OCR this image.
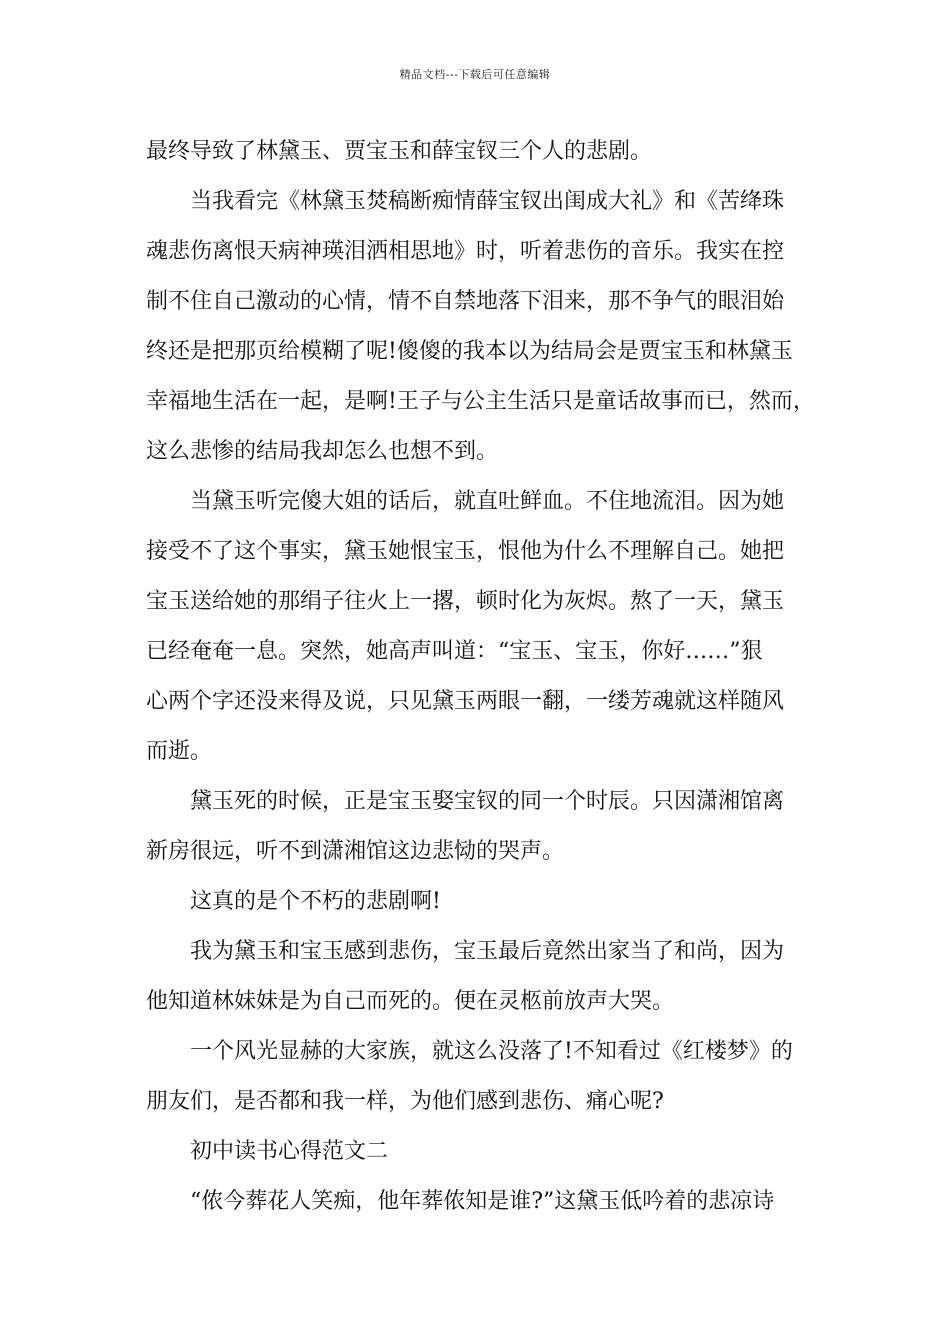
精品文档---下载后可任意编辑
最终导致了林黛玉、贾宝玉和薛宝钗三个人的悲剧。
当我看完《林黛玉焚稿断痴情薛宝钗出闺成大礼》和《苦绛珠
魂悲伤离恨天病神瑛泪洒相思地》时，听着悲伤的音乐。我实在控
制不住自己激动的心情，情不自禁地落下泪来，那不争气的眼泪始
终还是把那页给模糊了呢!傻傻的我本以为结局会是贾宝玉和林黛玉
幸福地生活在一起，是啊!王子与公主生活只是童话故事而已，然而，
这么悲惨的结局我却怎么也想不到。
当黛玉听完傻大姐的话后，就直吐鲜血。不住地流泪。因为她
接受不了这个事实，黛玉她恨宝玉，恨他为什么不理解自己。她把
宝玉送给她的那绢子往火上一撂，顿时化为灰烬。熬了一天，黛玉
已经奄奄一息。突然，她高声叫道：“宝玉、宝玉，你好……”狠
心两个字还没来得及说，只见黛玉两眼一翻，一缕芳魂就这样随风
而逝。
黛玉死的时候，正是宝玉娶宝钗的同一个时辰。只因潇湘馆离
新房很远，听不到潇湘馆这边悲恸的哭声。
这真的是个不朽的悲剧啊!
我为黛玉和宝玉感到悲伤，宝玉最后竟然出家当了和尚，因为
他知道林妹妹是为自己而死的。便在灵柩前放声大哭。
一个风光显赫的大家族，就这么没落了!不知看过《红楼梦》的
朋友们，是否都和我一样，为他们感到悲伤、痛心呢?
初中读书心得范文二
“侬今葬花人笑痴，他年葬侬知是谁?”这黛玉低吟着的悲凉诗
